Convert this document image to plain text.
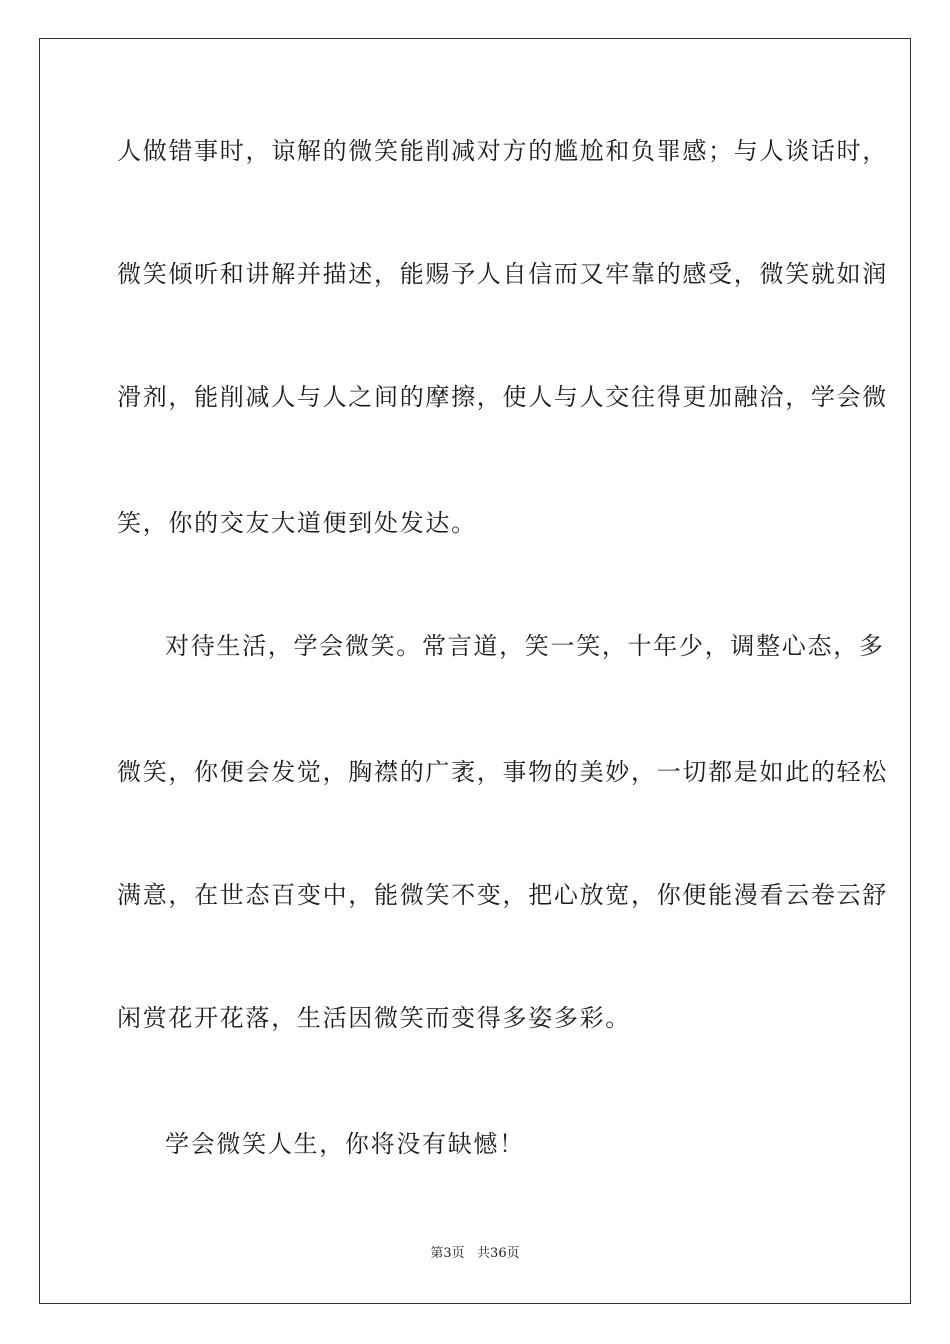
人做错事时，谅解的微笑能削减对方的尴尬和负罪感；与人谈话时，
微笑倾听和讲解并描述，能赐予人自信而又牢靠的感受，微笑就如润
滑剂，能削减人与人之间的摩擦，使人与人交往得更加融洽，学会微
笑，你的交友大道便到处发达。
对待生活，学会微笑。常言道，笑一笑，十年少，调整心态，多
微笑，你便会发觉，胸襟的广袤，事物的美妙，一切都是如此的轻松
满意，在世态百变中，能微笑不变，把心放宽，你便能漫看云卷云舒
闲赏花开花落，生活因微笑而变得多姿多彩。
学会微笑人生，你将没有缺憾！
第3页   共36页
